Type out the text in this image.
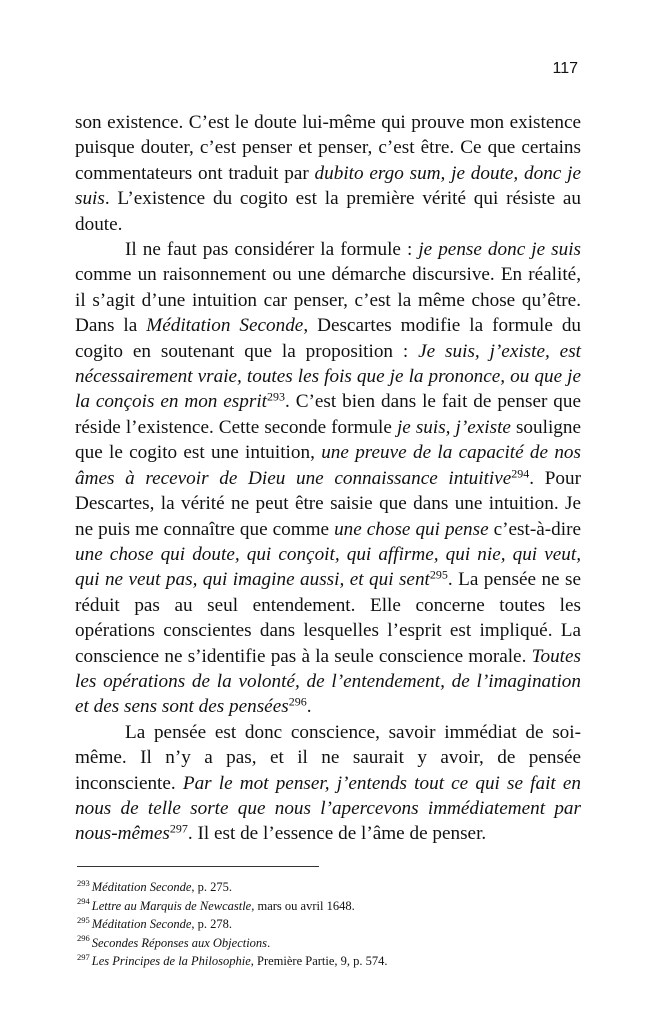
117

son existence. C’est le doute lui-même qui prouve mon existence puisque douter, c’est penser et penser, c’est être. Ce que certains commentateurs ont traduit par dubito ergo sum, je doute, donc je suis. L’existence du cogito est la première vérité qui résiste au doute.

Il ne faut pas considérer la formule : je pense donc je suis comme un raisonnement ou une démarche discursive. En réalité, il s’agit d’une intuition car penser, c’est la même chose qu’être. Dans la Méditation Seconde, Descartes modifie la formule du cogito en soutenant que la proposition : Je suis, j’existe, est nécessairement vraie, toutes les fois que je la prononce, ou que je la conçois en mon esprit$^{293}$. C’est bien dans le fait de penser que réside l’existence. Cette seconde formule je suis, j’existe souligne que le cogito est une intuition, une preuve de la capacité de nos âmes à recevoir de Dieu une connaissance intuitive$^{294}$. Pour Descartes, la vérité ne peut être saisie que dans une intuition. Je ne puis me connaître que comme une chose qui pense c’est-à-dire une chose qui doute, qui conçoit, qui affirme, qui nie, qui veut, qui ne veut pas, qui imagine aussi, et qui sent$^{295}$. La pensée ne se réduit pas au seul entendement. Elle concerne toutes les opérations conscientes dans lesquelles l’esprit est impliqué. La conscience ne s’identifie pas à la seule conscience morale. Toutes les opérations de la volonté, de l’entendement, de l’imagination et des sens sont des pensées$^{296}$.

La pensée est donc conscience, savoir immédiat de soi-même. Il n’y a pas, et il ne saurait y avoir, de pensée inconsciente. Par le mot penser, j’entends tout ce qui se fait en nous de telle sorte que nous l’apercevons immédiatement par nous-mêmes$^{297}$. Il est de l’essence de l’âme de penser.

$^{293}$ Méditation Seconde, p. 275.
$^{294}$ Lettre au Marquis de Newcastle, mars ou avril 1648.
$^{295}$ Méditation Seconde, p. 278.
$^{296}$ Secondes Réponses aux Objections.
$^{297}$ Les Principes de la Philosophie, Première Partie, 9, p. 574.
